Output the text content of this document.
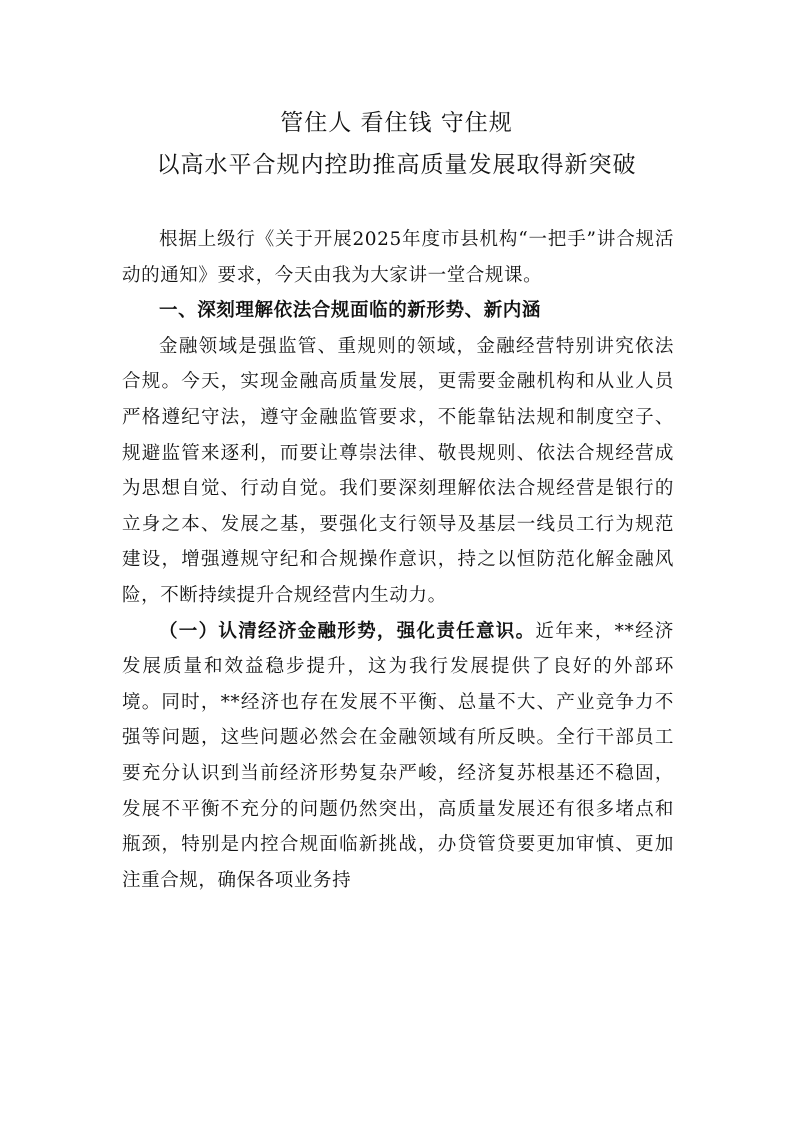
管住人 看住钱 守住规
以高水平合规内控助推高质量发展取得新突破

根据上级行《关于开展2025年度市县机构“一把手”讲合规活动的通知》要求，今天由我为大家讲一堂合规课。

一、深刻理解依法合规面临的新形势、新内涵

金融领域是强监管、重规则的领域，金融经营特别讲究依法合规。今天，实现金融高质量发展，更需要金融机构和从业人员严格遵纪守法，遵守金融监管要求，不能靠钻法规和制度空子、规避监管来逐利，而要让尊崇法律、敬畏规则、依法合规经营成为思想自觉、行动自觉。我们要深刻理解依法合规经营是银行的立身之本、发展之基，要强化支行领导及基层一线员工行为规范建设，增强遵规守纪和合规操作意识，持之以恒防范化解金融风险，不断持续提升合规经营内生动力。

（一）认清经济金融形势，强化责任意识。近年来，**经济发展质量和效益稳步提升，这为我行发展提供了良好的外部环境。同时，**经济也存在发展不平衡、总量不大、产业竞争力不强等问题，这些问题必然会在金融领域有所反映。全行干部员工要充分认识到当前经济形势复杂严峻，经济复苏根基还不稳固，发展不平衡不充分的问题仍然突出，高质量发展还有很多堵点和瓶颈，特别是内控合规面临新挑战，办贷管贷要更加审慎、更加注重合规，确保各项业务持
